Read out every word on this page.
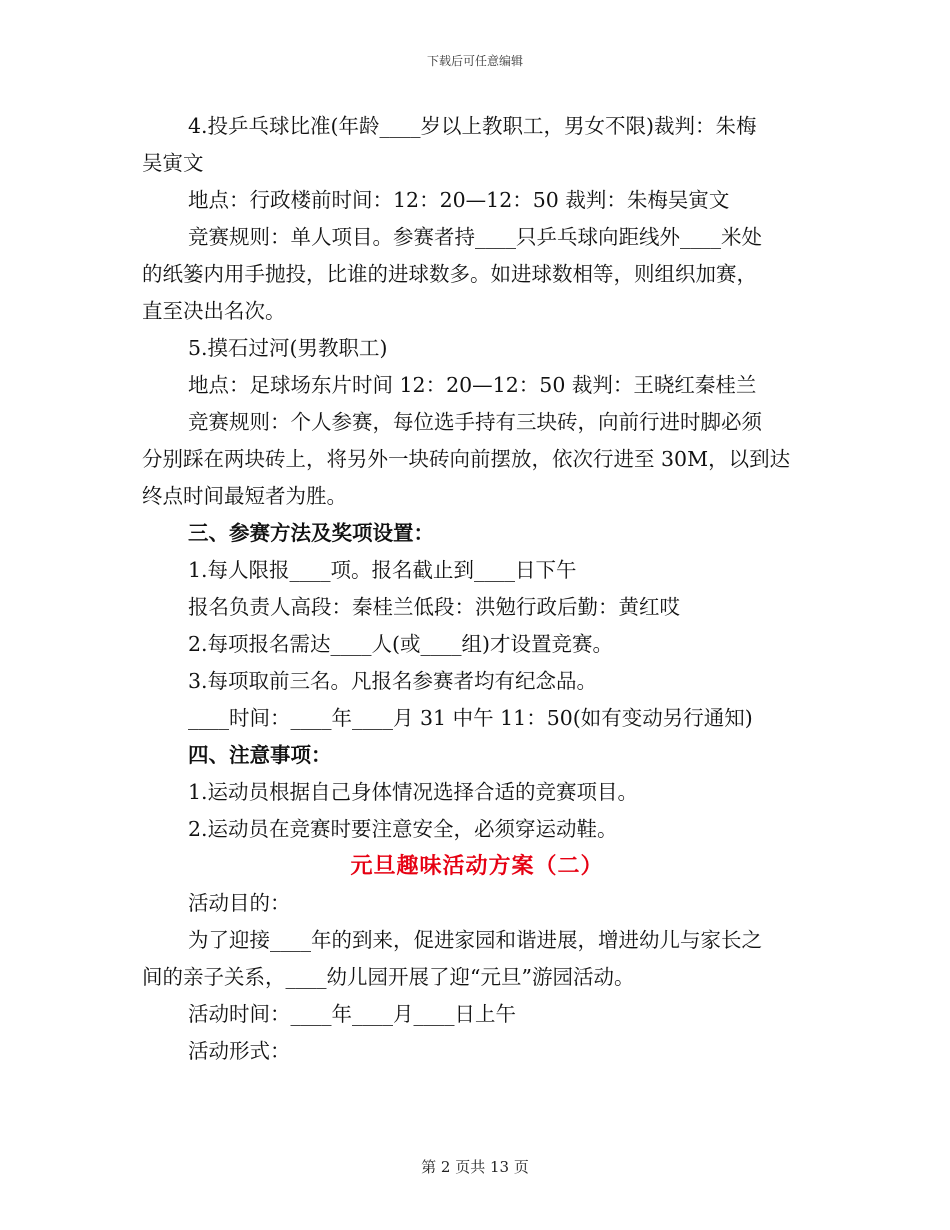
下载后可任意编辑

4.投乒乓球比准(年龄____岁以上教职工，男女不限)裁判：朱梅

吴寅文

地点：行政楼前时间：12：20—12：50 裁判：朱梅吴寅文

竞赛规则：单人项目。参赛者持____只乒乓球向距线外____米处

的纸篓内用手抛投，比谁的进球数多。如进球数相等，则组织加赛，

直至决出名次。

5.摸石过河(男教职工)

地点：足球场东片时间 12：20—12：50 裁判：王晓红秦桂兰

竞赛规则：个人参赛，每位选手持有三块砖，向前行进时脚必须

分别踩在两块砖上，将另外一块砖向前摆放，依次行进至 30M，以到达

终点时间最短者为胜。

三、参赛方法及奖项设置：

1.每人限报____项。报名截止到____日下午

报名负责人高段：秦桂兰低段：洪勉行政后勤：黄红哎

2.每项报名需达____人(或____组)才设置竞赛。

3.每项取前三名。凡报名参赛者均有纪念品。

____时间：____年____月 31 中午 11：50(如有变动另行通知)

四、注意事项：

1.运动员根据自己身体情况选择合适的竞赛项目。

2.运动员在竞赛时要注意安全，必须穿运动鞋。

元旦趣味活动方案（二）

活动目的：

为了迎接____年的到来，促进家园和谐进展，增进幼儿与家长之

间的亲子关系，____幼儿园开展了迎“元旦”游园活动。

活动时间：____年____月____日上午

活动形式：

第 2 页共 13 页
